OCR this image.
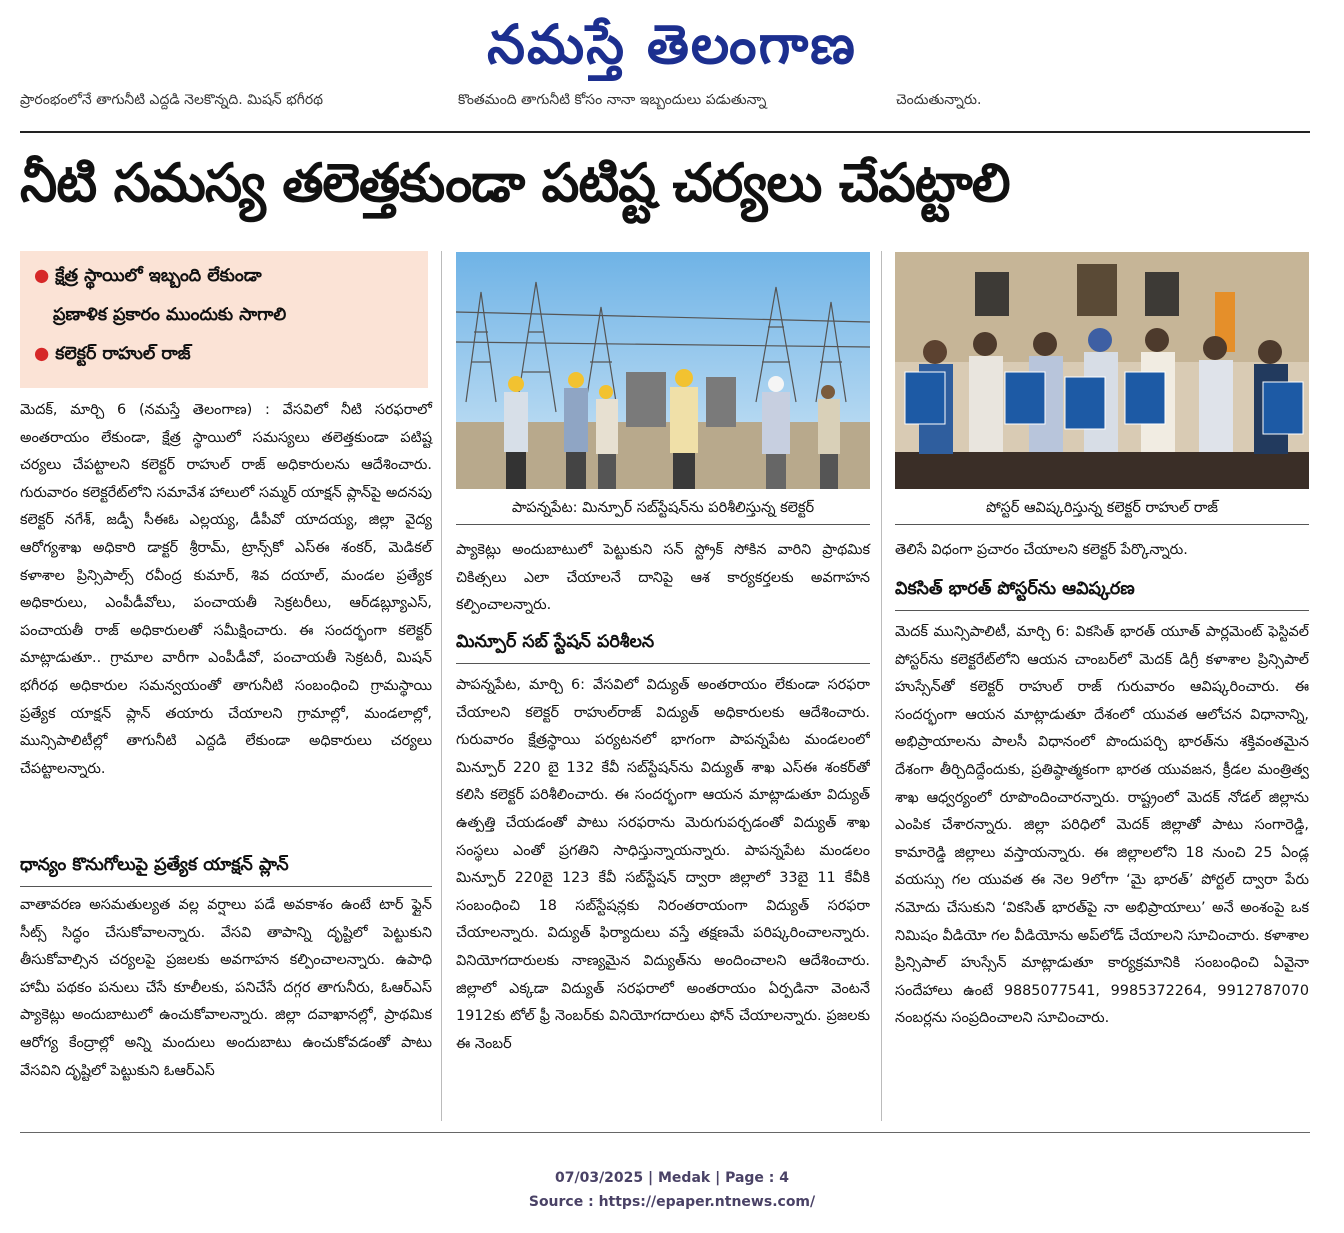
నమస్తే తెలంగాణ
ప్రారంభంలోనే తాగునీటి ఎద్దడి నెలకొన్నది. మిషన్ భగీరథ	కొంతమంది తాగునీటి కోసం నానా ఇబ్బందులు పడుతున్నా	చెందుతున్నారు.
నీటి సమస్య తలెత్తకుండా పటిష్ట చర్యలు చేపట్టాలి
● క్షేత్ర స్థాయిలో ఇబ్బంది లేకుండా
ప్రణాళిక ప్రకారం ముందుకు సాగాలి
● కలెక్టర్ రాహుల్ రాజ్

మెదక్, మార్చి 6 (నమస్తే తెలంగాణ) : వేసవిలో నీటి సరఫరాలో అంతరాయం లేకుండా, క్షేత్ర స్థాయిలో సమస్యలు తలెత్తకుండా పటిష్ట చర్యలు చేపట్టాలని కలెక్టర్ రాహుల్ రాజ్ అధికారులను ఆదేశించారు. గురువారం కలెక్టరేట్‌లోని సమావేశ హాలులో సమ్మర్ యాక్షన్ ప్లాన్‌పై అదనపు కలెక్టర్ నగేశ్, జడ్పీ సీఈఓ ఎల్లయ్య, డీపీవో యాదయ్య, జిల్లా వైద్య ఆరోగ్యశాఖ అధికారి డాక్టర్ శ్రీరామ్, ట్రాన్స్‌కో ఎస్ఈ శంకర్, మెడికల్ కళాశాల ప్రిన్సిపాల్స్ రవీంద్ర కుమార్, శివ దయాల్, మండల ప్రత్యేక అధికారులు, ఎంపీడీవోలు, పంచాయతీ సెక్రటరీలు, ఆర్‌డబ్ల్యూఎస్, పంచాయతీ రాజ్ అధికారులతో సమీక్షించారు. ఈ సందర్భంగా కలెక్టర్ మాట్లాడుతూ.. గ్రామాల వారీగా ఎంపీడీవో, పంచాయతీ సెక్రటరీ, మిషన్ భగీరథ అధికారుల సమన్వయంతో తాగునీటి సంబంధించి గ్రామస్థాయి ప్రత్యేక యాక్షన్ ప్లాన్ తయారు చేయాలని గ్రామాల్లో, మండలాల్లో, మున్సిపాలిటీల్లో తాగునీటి ఎద్దడి లేకుండా అధికారులు చర్యలు చేపట్టాలన్నారు.

ధాన్యం కొనుగోలుపై ప్రత్యేక యాక్షన్ ప్లాన్

వాతావరణ అసమతుల్యత వల్ల వర్షాలు పడే అవకాశం ఉంటే టార్ ఫ్లైన్ సీట్స్ సిద్ధం చేసుకోవాలన్నారు. వేసవి తాపాన్ని దృష్టిలో పెట్టుకుని తీసుకోవాల్సిన చర్యలపై ప్రజలకు అవగాహన కల్పించాలన్నారు. ఉపాధి హామీ పథకం పనులు చేసే కూలీలకు, పనిచేసే దగ్గర తాగునీరు, ఓఆర్ఎస్ ప్యాకెట్లు అందుబాటులో ఉంచుకోవాలన్నారు. జిల్లా దవాఖానల్లో, ప్రాథమిక ఆరోగ్య కేంద్రాల్లో అన్ని మందులు అందుబాటు ఉంచుకోవడంతో పాటు వేసవిని దృష్టిలో పెట్టుకుని ఓఆర్ఎస్

పాపన్నపేట: మిన్పూర్ సబ్‌స్టేషన్‌ను పరిశీలిస్తున్న కలెక్టర్

ప్యాకెట్లు అందుబాటులో పెట్టుకుని సన్ స్ట్రోక్ సోకిన వారిని ప్రాథమిక చికిత్సలు ఎలా చేయాలనే దానిపై ఆశ కార్యకర్తలకు అవగాహన కల్పించాలన్నారు.

మిన్పూర్ సబ్ స్టేషన్ పరిశీలన

పాపన్నపేట, మార్చి 6: వేసవిలో విద్యుత్ అంతరాయం లేకుండా సరఫరా చేయాలని కలెక్టర్ రాహుల్‌రాజ్ విద్యుత్ అధికారులకు ఆదేశించారు. గురువారం క్షేత్రస్థాయి పర్యటనలో భాగంగా పాపన్నపేట మండలంలో మిన్పూర్ 220 బై 132 కేవీ సబ్‌స్టేషన్‌ను విద్యుత్ శాఖ ఎస్ఈ శంకర్‌తో కలిసి కలెక్టర్ పరిశీలించారు. ఈ సందర్భంగా ఆయన మాట్లాడుతూ విద్యుత్ ఉత్పత్తి చేయడంతో పాటు సరఫరాను మెరుగుపర్చడంతో విద్యుత్ శాఖ సంస్థలు ఎంతో ప్రగతిని సాధిస్తున్నాయన్నారు. పాపన్నపేట మండలం మిన్పూర్ 220బై 123 కేవీ సబ్‌స్టేషన్ ద్వారా జిల్లాలో 33బై 11 కేవీకి సంబంధించి 18 సబ్‌స్టేషన్లకు నిరంతరాయంగా విద్యుత్ సరఫరా చేయాలన్నారు. విద్యుత్ ఫిర్యాదులు వస్తే తక్షణమే పరిష్కరించాలన్నారు. వినియోగదారులకు నాణ్యమైన విద్యుత్‌ను అందించాలని ఆదేశించారు. జిల్లాలో ఎక్కడా విద్యుత్ సరఫరాలో అంతరాయం ఏర్పడినా వెంటనే 1912కు టోల్ ఫ్రీ నెంబర్‌కు వినియోగదారులు ఫోన్ చేయాలన్నారు. ప్రజలకు ఈ నెంబర్

పోస్టర్ ఆవిష్కరిస్తున్న కలెక్టర్ రాహుల్ రాజ్

తెలిసే విధంగా ప్రచారం చేయాలని కలెక్టర్ పేర్కొన్నారు.

వికసిత్ భారత్ పోస్టర్‌ను ఆవిష్కరణ

మెదక్ మున్సిపాలిటీ, మార్చి 6: వికసిత్ భారత్ యూత్ పార్లమెంట్ ఫెస్టివల్ పోస్టర్‌ను కలెక్టరేట్‌లోని ఆయన చాంబర్‌లో మెదక్ డిగ్రీ కళాశాల ప్రిన్సిపాల్ హుస్సేన్‌తో కలెక్టర్ రాహుల్ రాజ్ గురువారం ఆవిష్కరించారు. ఈ సందర్భంగా ఆయన మాట్లాడుతూ దేశంలో యువత ఆలోచన విధానాన్ని, అభిప్రాయాలను పాలసీ విధానంలో పొందుపర్చి భారత్‌ను శక్తివంతమైన దేశంగా తీర్చిదిద్దేందుకు, ప్రతిష్ఠాత్మకంగా భారత యువజన, క్రీడల మంత్రిత్వ శాఖ ఆధ్వర్యంలో రూపొందించారన్నారు. రాష్ట్రంలో మెదక్ నోడల్ జిల్లాను ఎంపిక చేశారన్నారు. జిల్లా పరిధిలో మెదక్ జిల్లాతో పాటు సంగారెడ్డి, కామారెడ్డి జిల్లాలు వస్తాయన్నారు. ఈ జిల్లాలలోని 18 నుంచి 25 ఏండ్ల వయస్సు గల యువత ఈ నెల 9లోగా ‘మై భారత్’ పోర్టల్ ద్వారా పేరు నమోదు చేసుకుని ‘వికసిత్ భారత్‌పై నా అభిప్రాయాలు’ అనే అంశంపై ఒక నిమిషం వీడియో గల వీడియోను అప్‌లోడ్ చేయాలని సూచించారు. కళాశాల ప్రిన్సిపాల్ హుస్సేన్ మాట్లాడుతూ కార్యక్రమానికి సంబంధించి ఏవైనా సందేహాలు ఉంటే 9885077541, 9985372264, 9912787070 నంబర్లను సంప్రదించాలని సూచించారు.

07/03/2025 | Medak | Page : 4
Source : https://epaper.ntnews.com/
